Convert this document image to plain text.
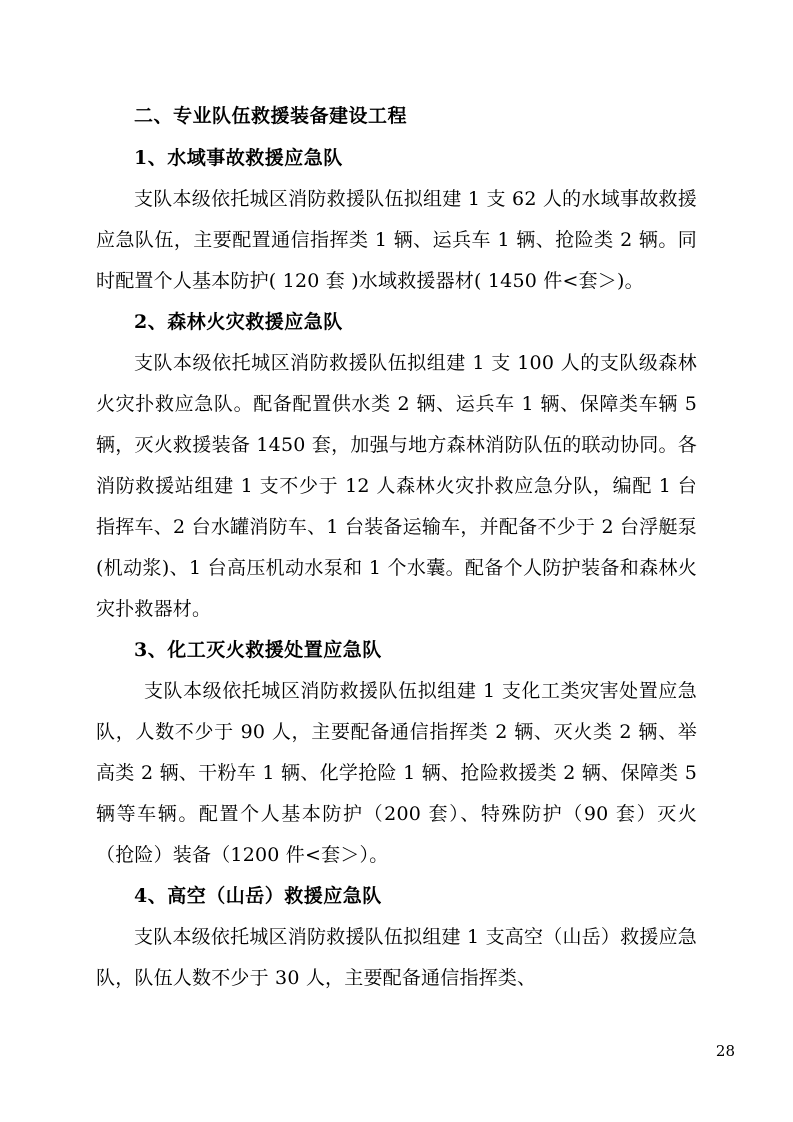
二、专业队伍救援装备建设工程
1、水域事故救援应急队

支队本级依托城区消防救援队伍拟组建 1 支 62 人的水域事故救援应急队伍，主要配置通信指挥类 1 辆、运兵车 1 辆、抢险类 2 辆。同时配置个人基本防护( 120 套 )水域救援器材( 1450 件<套＞)。

2、森林火灾救援应急队

支队本级依托城区消防救援队伍拟组建 1 支 100 人的支队级森林火灾扑救应急队。配备配置供水类 2 辆、运兵车 1 辆、保障类车辆 5 辆，灭火救援装备 1450 套，加强与地方森林消防队伍的联动协同。各消防救援站组建 1 支不少于 12 人森林火灾扑救应急分队，编配 1 台指挥车、2 台水罐消防车、1 台装备运输车，并配备不少于 2 台浮艇泵(机动浆)、1 台高压机动水泵和 1 个水囊。配备个人防护装备和森林火灾扑救器材。

3、化工灭火救援处置应急队

支队本级依托城区消防救援队伍拟组建 1 支化工类灾害处置应急队，人数不少于 90 人，主要配备通信指挥类 2 辆、灭火类 2 辆、举高类 2 辆、干粉车 1 辆、化学抢险 1 辆、抢险救援类 2 辆、保障类 5 辆等车辆。配置个人基本防护（200 套）、特殊防护（90 套）灭火（抢险）装备（1200 件<套＞）。

4、高空（山岳）救援应急队

支队本级依托城区消防救援队伍拟组建 1 支高空（山岳）救援应急队，队伍人数不少于 30 人，主要配备通信指挥类、

28
